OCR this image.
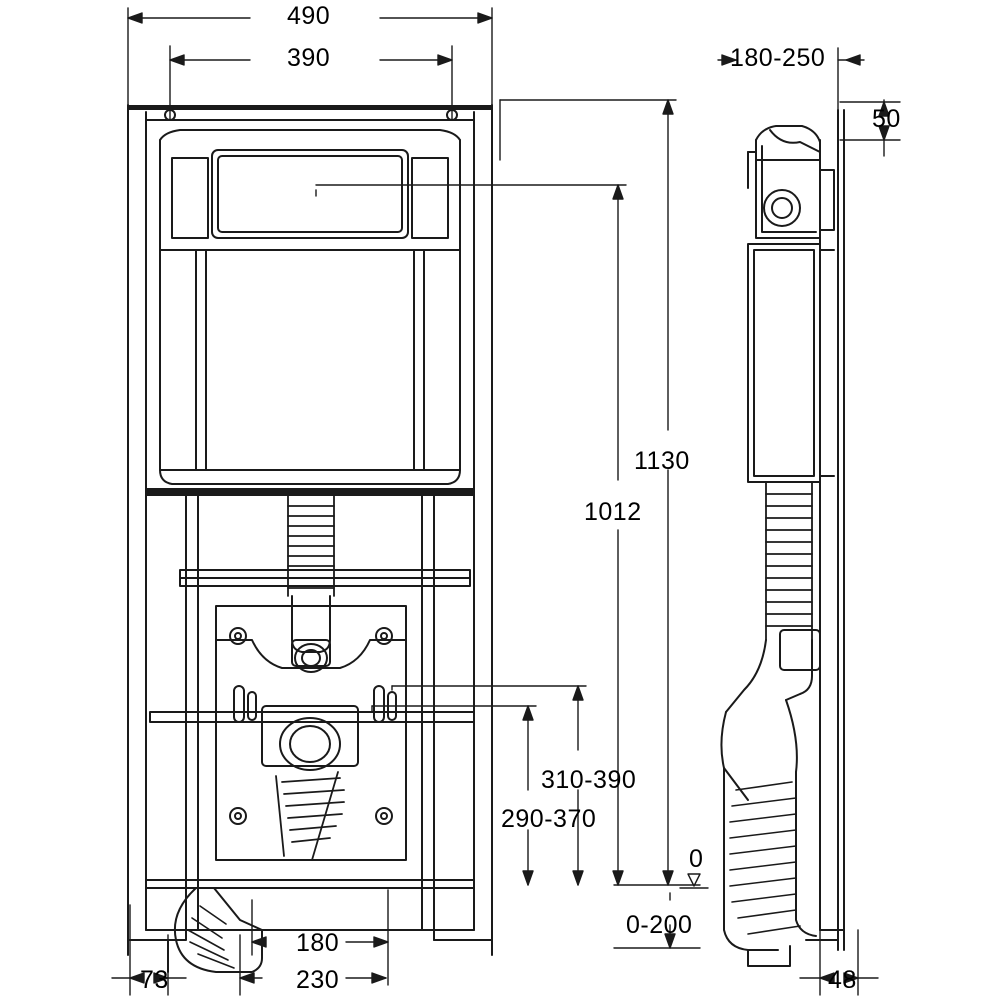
490
390	180-250
50
1130
1012
310-390
290-370
0
0-200
180
73	230	48
